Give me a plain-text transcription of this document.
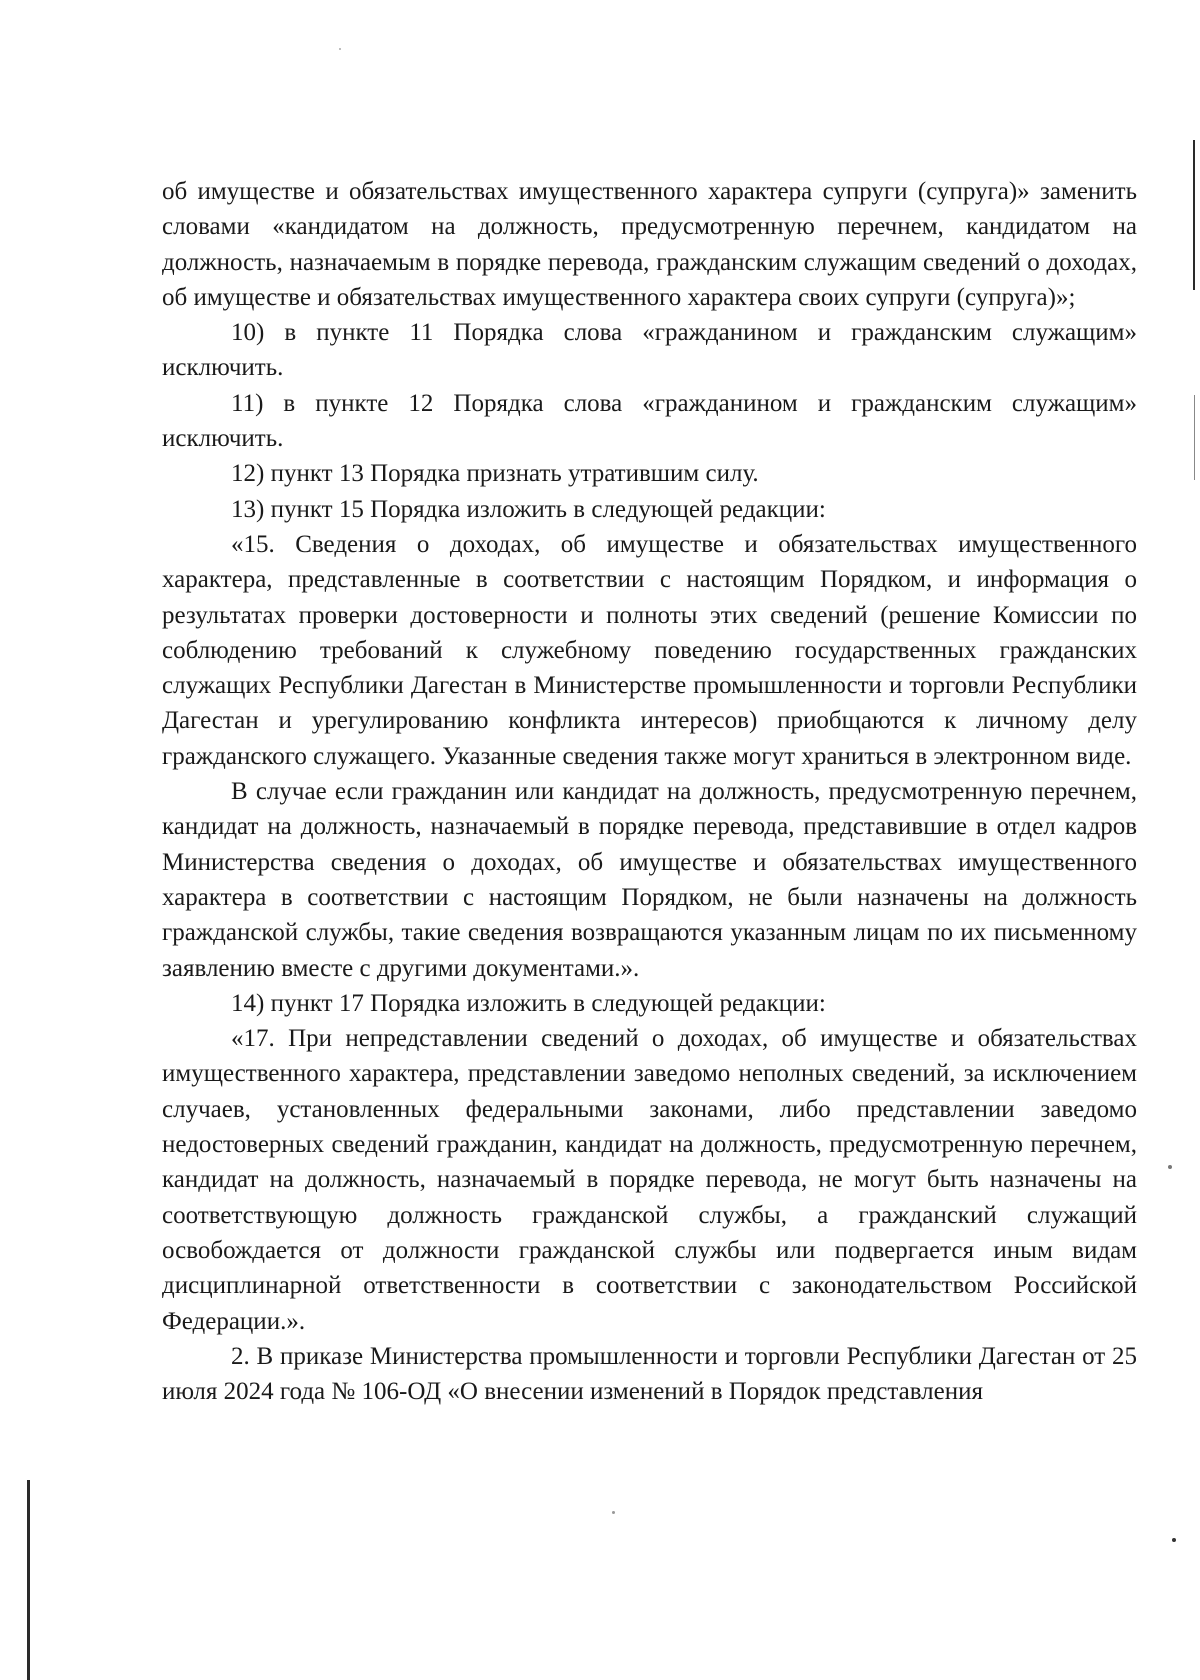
об имуществе и обязательствах имущественного характера супруги (супруга)» заменить словами «кандидатом на должность, предусмотренную перечнем, кандидатом на должность, назначаемым в порядке перевода, гражданским служащим сведений о доходах, об имуществе и обязательствах имущественного характера своих супруги (супруга)»;

10) в пункте 11 Порядка слова «гражданином и гражданским служащим» исключить.

11) в пункте 12 Порядка слова «гражданином и гражданским служащим» исключить.

12) пункт 13 Порядка признать утратившим силу.

13) пункт 15 Порядка изложить в следующей редакции:

«15. Сведения о доходах, об имуществе и обязательствах имущественного характера, представленные в соответствии с настоящим Порядком, и информация о результатах проверки достоверности и полноты этих сведений (решение Комиссии по соблюдению требований к служебному поведению государственных гражданских служащих Республики Дагестан в Министерстве промышленности и торговли Республики Дагестан и урегулированию конфликта интересов) приобщаются к личному делу гражданского служащего. Указанные сведения также могут храниться в электронном виде.

В случае если гражданин или кандидат на должность, предусмотренную перечнем, кандидат на должность, назначаемый в порядке перевода, представившие в отдел кадров Министерства сведения о доходах, об имуществе и обязательствах имущественного характера в соответствии с настоящим Порядком, не были назначены на должность гражданской службы, такие сведения возвращаются указанным лицам по их письменному заявлению вместе с другими документами.».

14) пункт 17 Порядка изложить в следующей редакции:

«17. При непредставлении сведений о доходах, об имуществе и обязательствах имущественного характера, представлении заведомо неполных сведений, за исключением случаев, установленных федеральными законами, либо представлении заведомо недостоверных сведений гражданин, кандидат на должность, предусмотренную перечнем, кандидат на должность, назначаемый в порядке перевода, не могут быть назначены на соответствующую должность гражданской службы, а гражданский служащий освобождается от должности гражданской службы или подвергается иным видам дисциплинарной ответственности в соответствии с законодательством Российской Федерации.».

2. В приказе Министерства промышленности и торговли Республики Дагестан от 25 июля 2024 года № 106-ОД «О внесении изменений в Порядок представления
